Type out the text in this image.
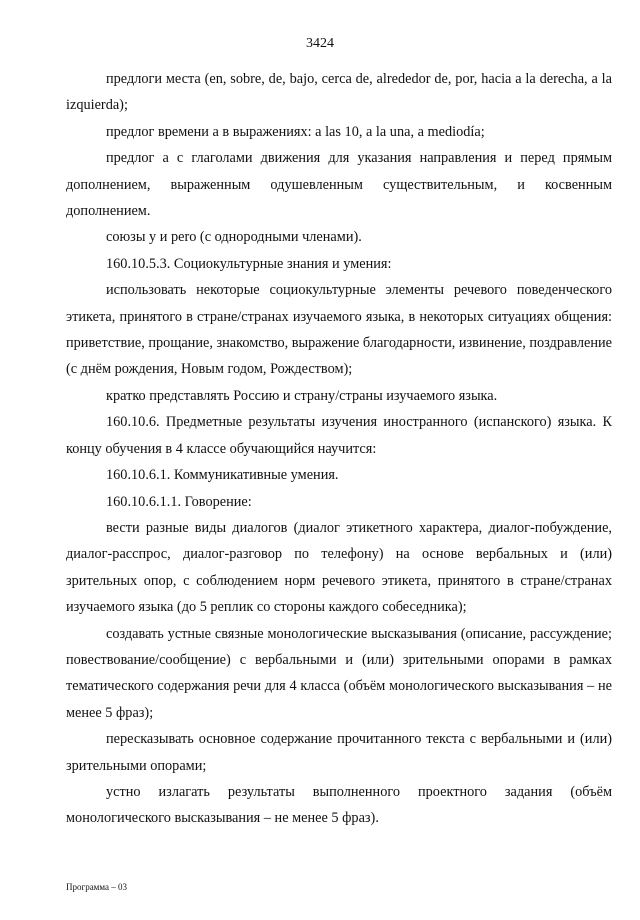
3424

предлоги места (en, sobre, de, bajo, cerca de, alrededor de, por, hacia a la derecha, a la izquierda);

предлог времени а в выражениях: a las 10, a la una, a mediodía;

предлог а с глаголами движения для указания направления и перед прямым дополнением, выраженным одушевленным существительным, и косвенным дополнением.

союзы y и pero (с однородными членами).

160.10.5.3. Социокультурные знания и умения:

использовать некоторые социокультурные элементы речевого поведенческого этикета, принятого в стране/странах изучаемого языка, в некоторых ситуациях общения: приветствие, прощание, знакомство, выражение благодарности, извинение, поздравление (с днём рождения, Новым годом, Рождеством);

кратко представлять Россию и страну/страны изучаемого языка.

160.10.6. Предметные результаты изучения иностранного (испанского) языка. К концу обучения в 4 классе обучающийся научится:

160.10.6.1. Коммуникативные умения.

160.10.6.1.1. Говорение:

вести разные виды диалогов (диалог этикетного характера, диалог-побуждение, диалог-расспрос, диалог-разговор по телефону) на основе вербальных и (или) зрительных опор, с соблюдением норм речевого этикета, принятого в стране/странах изучаемого языка (до 5 реплик со стороны каждого собеседника);

создавать устные связные монологические высказывания (описание, рассуждение; повествование/сообщение) с вербальными и (или) зрительными опорами в рамках тематического содержания речи для 4 класса (объём монологического высказывания – не менее 5 фраз);

пересказывать основное содержание прочитанного текста с вербальными и (или) зрительными опорами;

устно излагать результаты выполненного проектного задания (объём монологического высказывания – не менее 5 фраз).

Программа – 03
